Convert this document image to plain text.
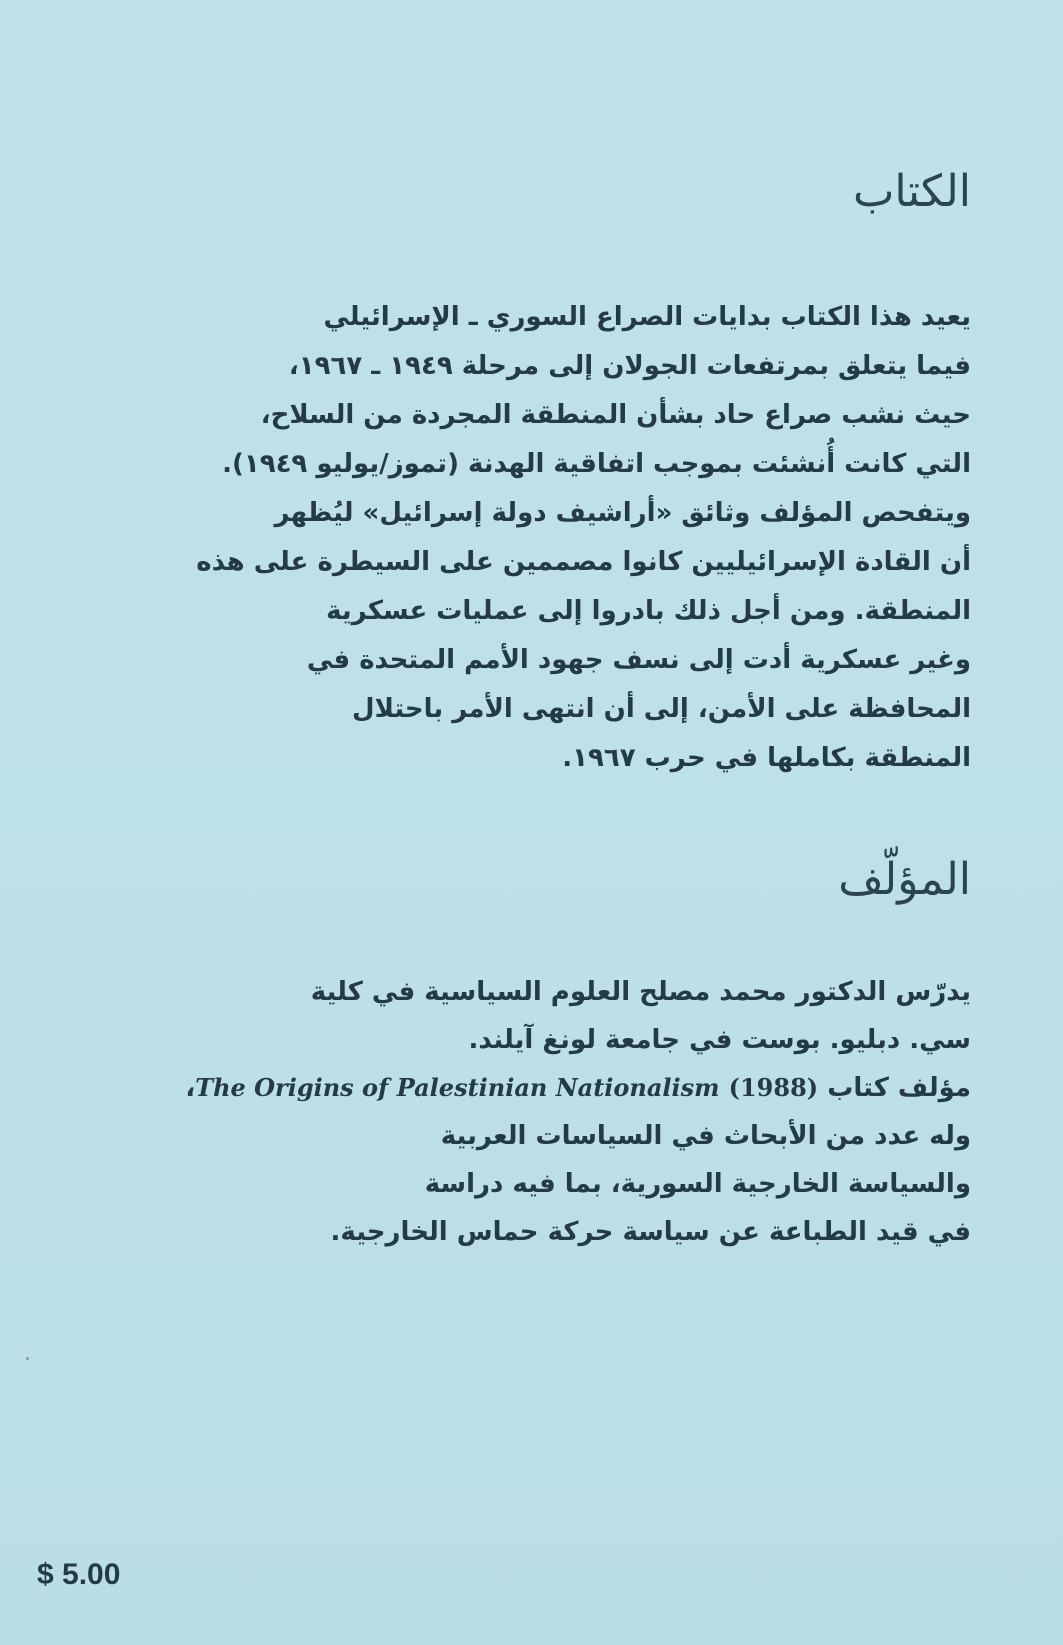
الكتاب
يعيد هذا الكتاب بدايات الصراع السوري ـ الإسرائيلي
فيما يتعلق بمرتفعات الجولان إلى مرحلة ١٩٤٩ ـ ١٩٦٧،
حيث نشب صراع حاد بشأن المنطقة المجردة من السلاح،
التي كانت أُنشئت بموجب اتفاقية الهدنة (تموز/يوليو ١٩٤٩).
ويتفحص المؤلف وثائق «أراشيف دولة إسرائيل» ليُظهر
أن القادة الإسرائيليين كانوا مصممين على السيطرة على هذه
المنطقة. ومن أجل ذلك بادروا إلى عمليات عسكرية
وغير عسكرية أدت إلى نسف جهود الأمم المتحدة في
المحافظة على الأمن، إلى أن انتهى الأمر باحتلال
المنطقة بكاملها في حرب ١٩٦٧.
المؤلّف
يدرّس الدكتور محمد مصلح العلوم السياسية في كلية
سي. دبليو. بوست في جامعة لونغ آيلند.
مؤلف كتاب (1988) The Origins of Palestinian Nationalism،
وله عدد من الأبحاث في السياسات العربية
والسياسة الخارجية السورية، بما فيه دراسة
في قيد الطباعة عن سياسة حركة حماس الخارجية.

$ 5.00
